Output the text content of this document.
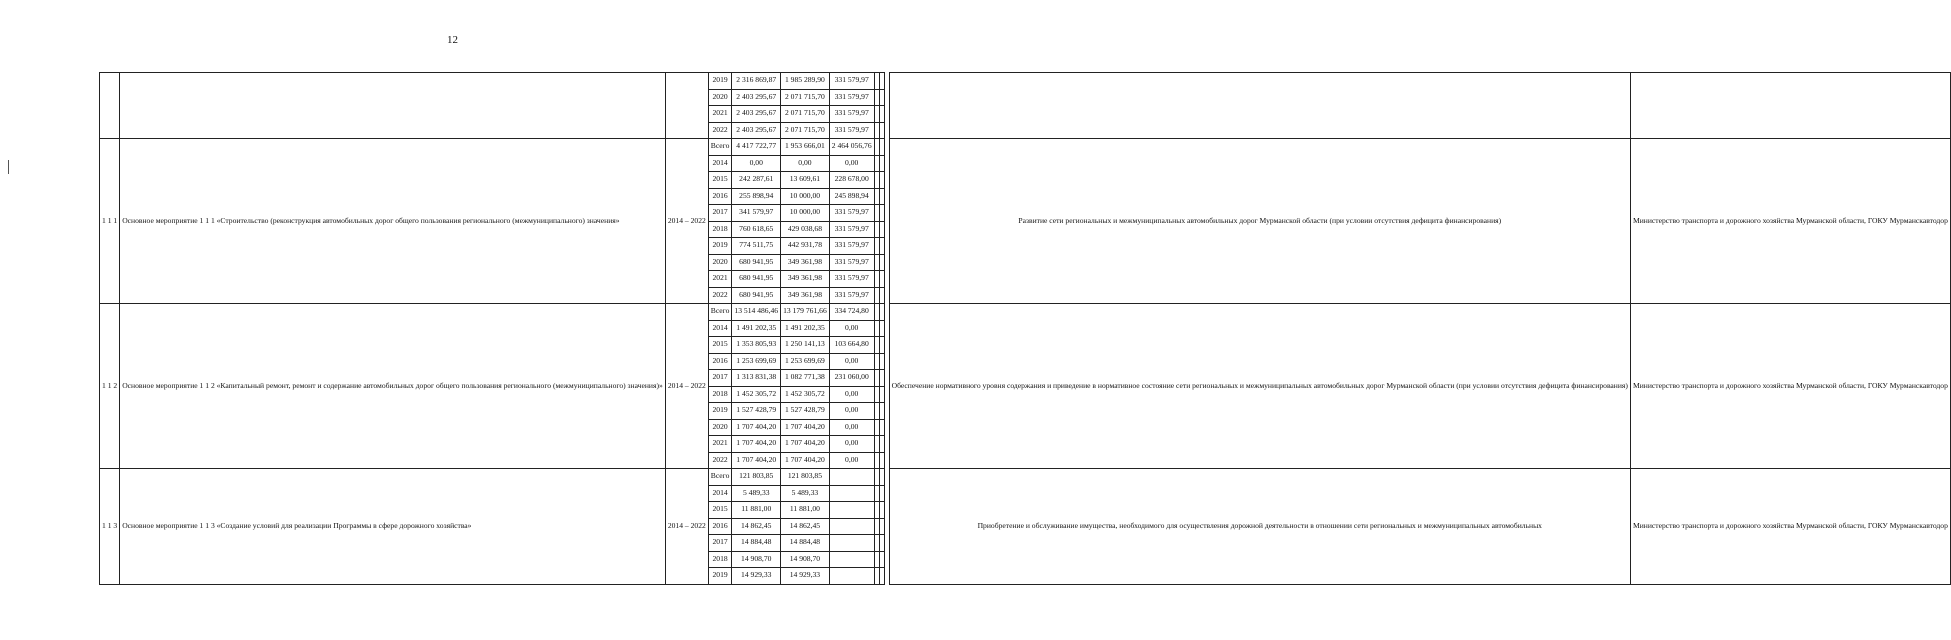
12
			2019	2 316 869,87	1 985 289,90	331 579,97					
			2020	2 403 295,67	2 071 715,70	331 579,97					
			2021	2 403 295,67	2 071 715,70	331 579,97					
			2022	2 403 295,67	2 071 715,70	331 579,97					
1 1 1	Основное мероприятие 1 1 1 «Строительство (реконструкция автомобильных дорог общего пользования регионального (межмуниципального) значения»	2014 – 2022	Всего	4 417 722,77	1 953 666,01	2 464 056,76				Развитие сети региональных и межмуниципальных автомобильных дорог Мурманской области (при условии отсутствия дефицита финансирования)	Министерство транспорта и дорожного хозяйства Мурманской области, ГОКУ Мурманскавтодор
			2014	0,00	0,00	0,00					
			2015	242 287,61	13 609,61	228 678,00					
			2016	255 898,94	10 000,00	245 898,94					
			2017	341 579,97	10 000,00	331 579,97					
			2018	760 618,65	429 038,68	331 579,97					
			2019	774 511,75	442 931,78	331 579,97					
			2020	680 941,95	349 361,98	331 579,97					
			2021	680 941,95	349 361,98	331 579,97					
			2022	680 941,95	349 361,98	331 579,97					
1 1 2	Основное мероприятие 1 1 2 «Капитальный ремонт, ремонт и содержание автомобильных дорог общего пользования регионального (межмуниципального) значения)»	2014 – 2022	Всего	13 514 486,46	13 179 761,66	334 724,80				Обеспечение нормативного уровня содержания и приведение в нормативное состояние сети региональных и межмуниципальных автомобильных дорог Мурманской области (при условии отсутствия дефицита финансирования)	Министерство транспорта и дорожного хозяйства Мурманской области, ГОКУ Мурманскавтодор
			2014	1 491 202,35	1 491 202,35	0,00					
			2015	1 353 805,93	1 250 141,13	103 664,80					
			2016	1 253 699,69	1 253 699,69	0,00					
			2017	1 313 831,38	1 082 771,38	231 060,00					
			2018	1 452 305,72	1 452 305,72	0,00					
			2019	1 527 428,79	1 527 428,79	0,00					
			2020	1 707 404,20	1 707 404,20	0,00					
			2021	1 707 404,20	1 707 404,20	0,00					
			2022	1 707 404,20	1 707 404,20	0,00					
1 1 3	Основное мероприятие 1 1 3 «Создание условий для реализации Программы в сфере дорожного хозяйства»	2014 – 2022	Всего	121 803,85	121 803,85					Приобретение и обслуживание имущества, необходимого для осуществления дорожной деятельности в отношении сети региональных и межмуниципальных автомобильных	Министерство транспорта и дорожного хозяйства Мурманской области, ГОКУ Мурманскавтодор
			2014	5 489,33	5 489,33						
			2015	11 881,00	11 881,00						
			2016	14 862,45	14 862,45						
			2017	14 884,48	14 884,48						
			2018	14 908,70	14 908,70						
			2019	14 929,33	14 929,33						
